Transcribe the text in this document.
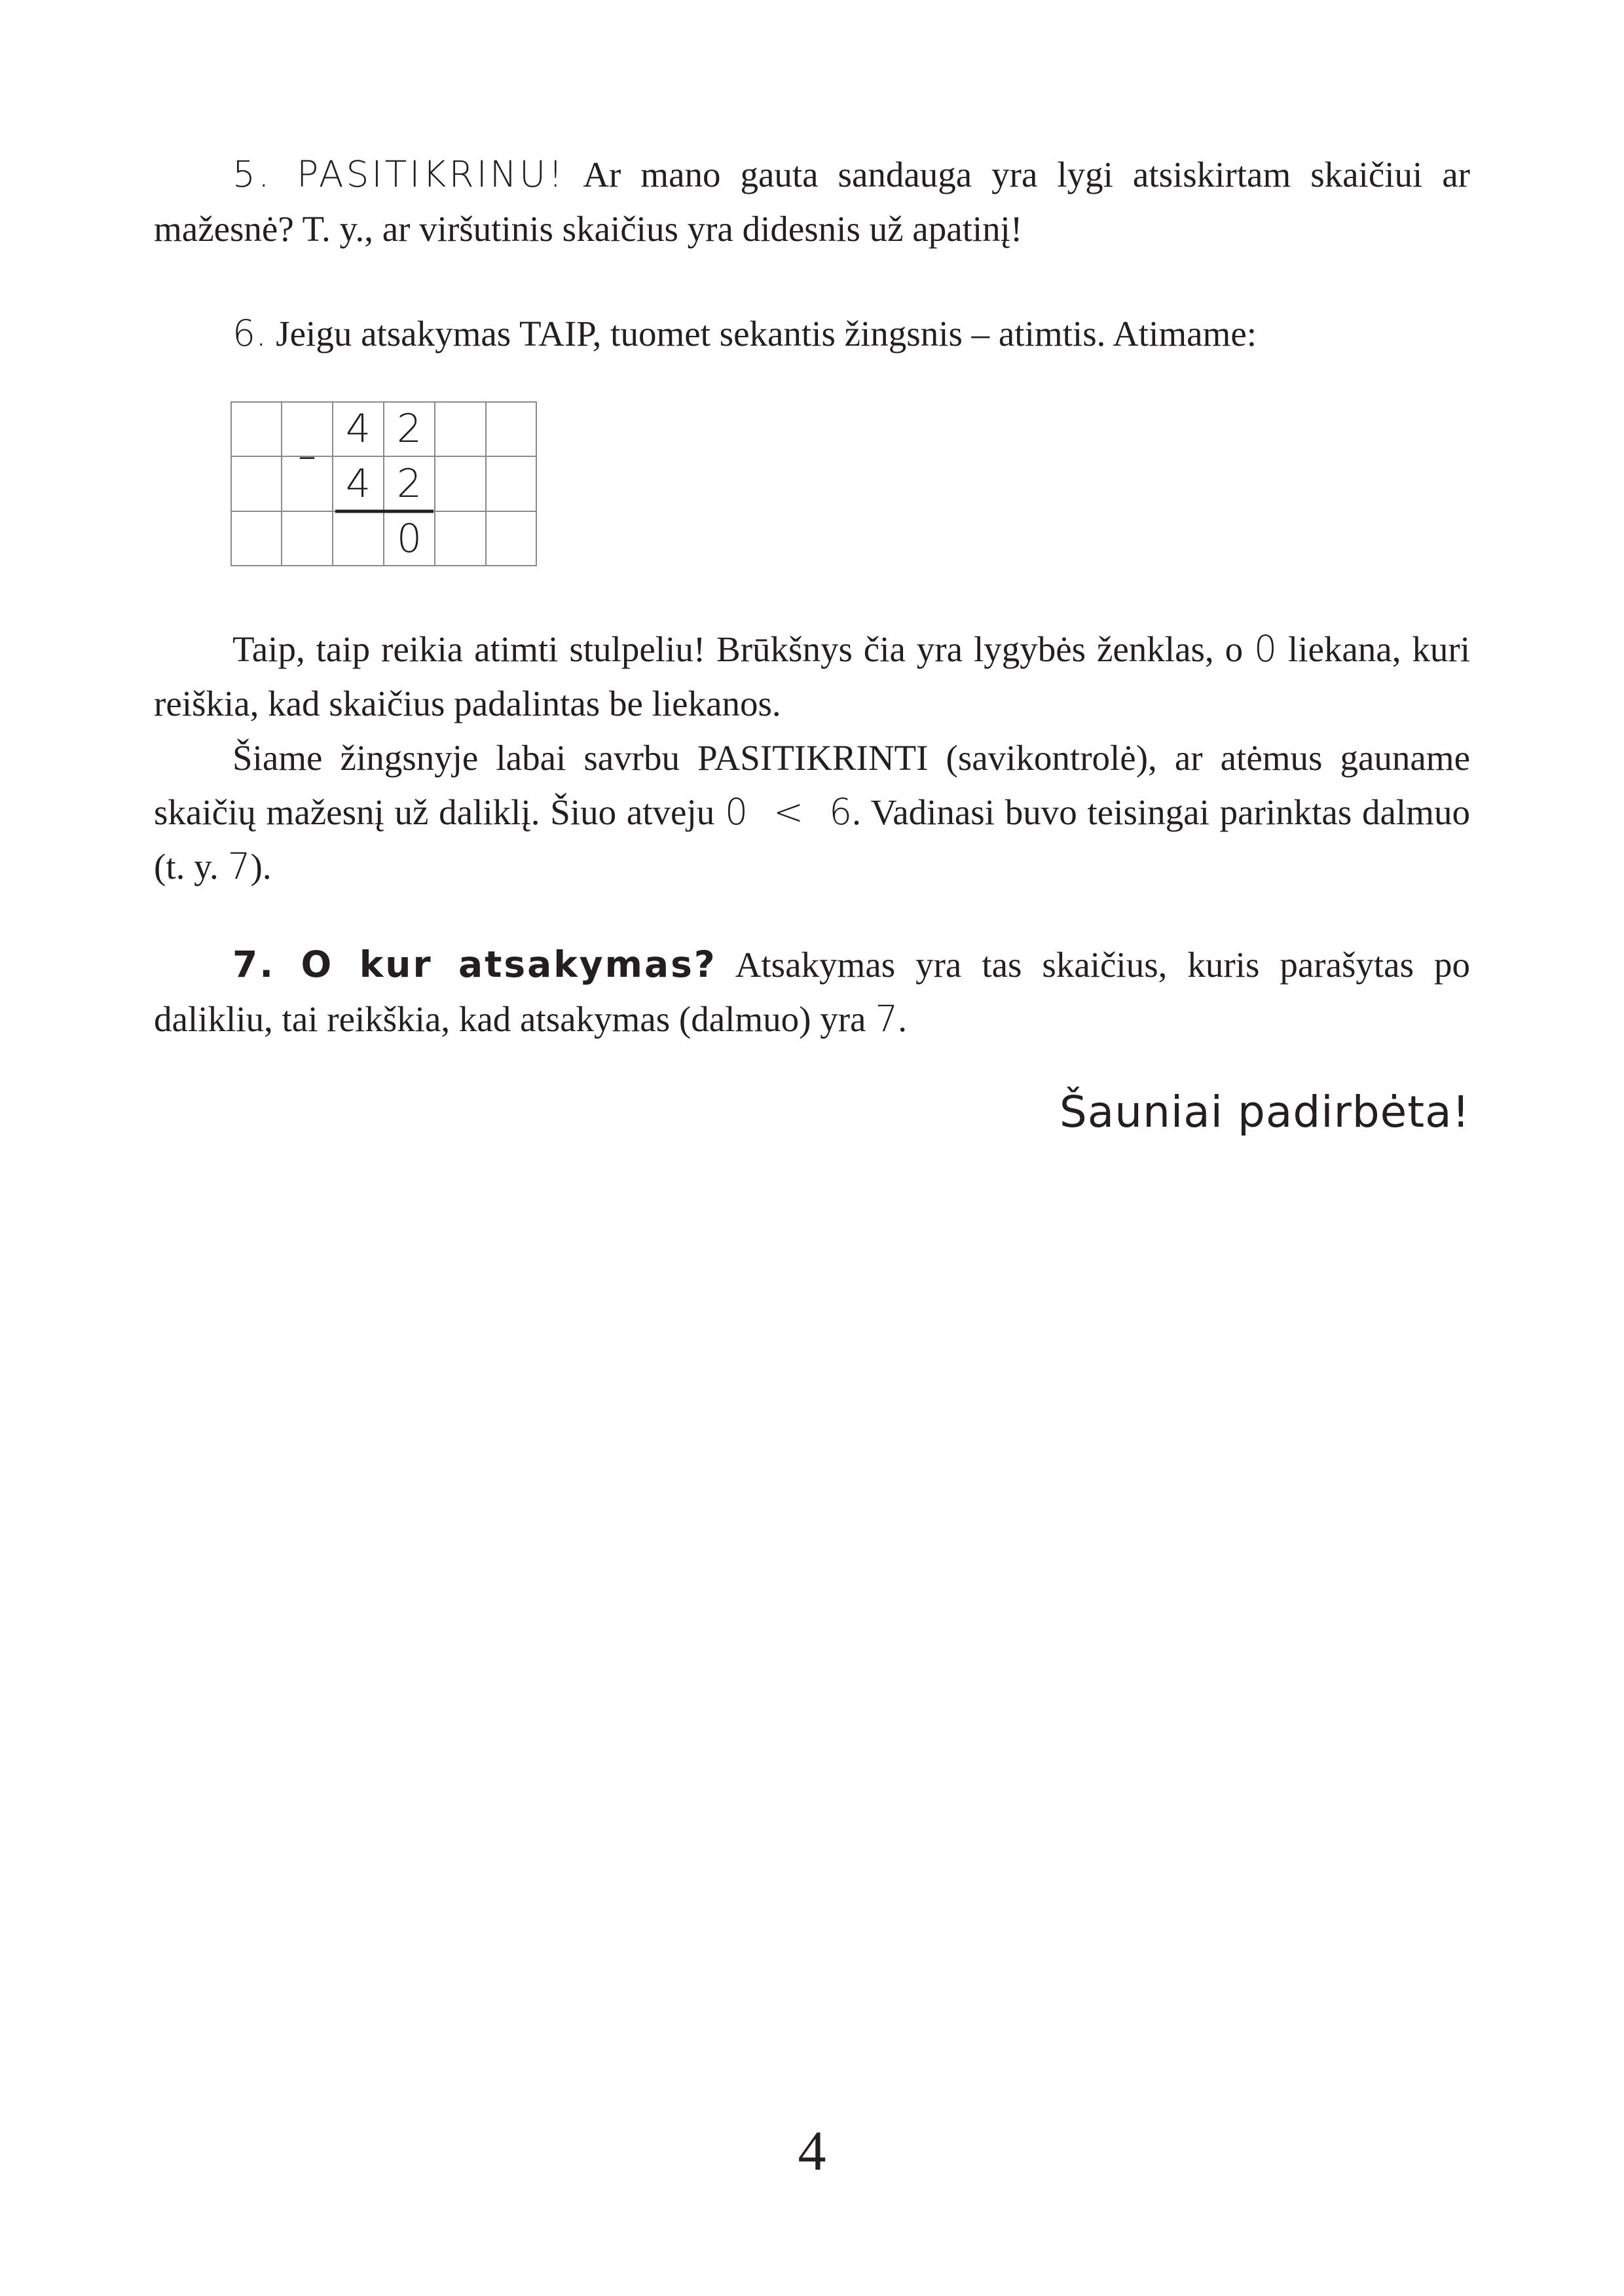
5. PASITIKRINU! Ar mano gauta sandauga yra lygi atsiskirtam skaičiui ar mažesnė? T. y., ar viršutinis skaičius yra didesnis už apatinį!

6. Jeigu atsakymas TAIP, tuomet sekantis žingsnis – atimtis. Atimame:

–
4 2
4 2
0

Taip, taip reikia atimti stulpeliu! Brūkšnys čia yra lygybės ženklas, o 0 liekana, kuri reiškia, kad skaičius padalintas be liekanos.

Šiame žingsnyje labai savrbu PASITIKRINTI (savikontrolė), ar atėmus gauname skaičių mažesnį už daliklį. Šiuo atveju 0  <  6. Vadinasi buvo teisingai parinktas dalmuo (t. y. 7).

7. O kur atsakymas? Atsakymas yra tas skaičius, kuris parašytas po dalikliu, tai reikškia, kad atsakymas (dalmuo) yra 7.

Šauniai padirbėta!
4
